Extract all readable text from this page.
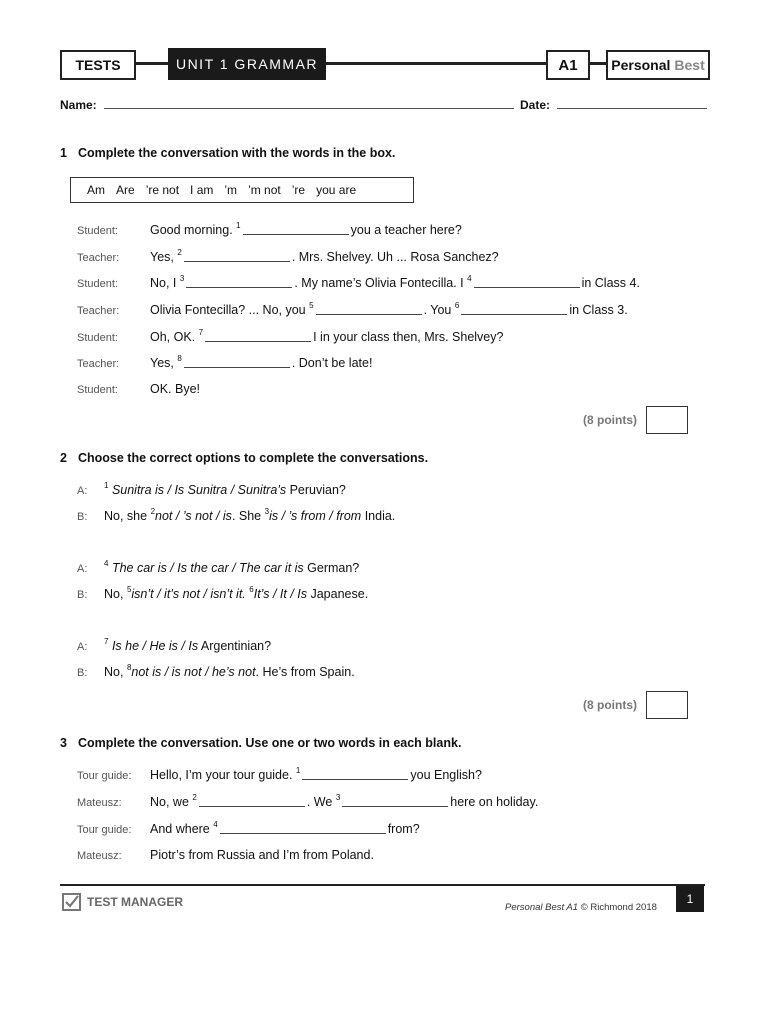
TESTS	UNIT 1 GRAMMAR	A1	Personal Best
Name:	Date:
1 Complete the conversation with the words in the box.
Am Are ’re not I am ’m ’m not ’re you are
Student:	Good morning. $^1$	you a teacher here?
Teacher: Yes, $^2$	. Mrs. Shelvey. Uh ... Rosa Sanchez?
Student:	No, I $^3$	. My name’s Olivia Fontecilla. I $^4$	in Class 4.
Teacher: Olivia Fontecilla? ... No, you $^5$	. You $^6$	in Class 3.
Student:	Oh, OK. $^7$	I in your class then, Mrs. Shelvey?
Teacher: Yes, $^8$	. Don’t be late!
Student:	OK. Bye!
(8 points)
2 Choose the correct options to complete the conversations.
A: $^1$ Sunitra is / Is Sunitra / Sunitra’s Peruvian?
B: No, she $^2$not / ’s not / is. She $^3$is / ’s from / from India.
A: $^4$ The car is / Is the car / The car it is German?
B: No, $^5$isn’t / it’s not / isn’t it. $^6$It’s / It / Is Japanese.
A: $^7$ Is he / He is / Is Argentinian?
B: No, $^8$not is / is not / he’s not. He’s from Spain.
(8 points)
3 Complete the conversation. Use one or two words in each blank.
Tour guide: Hello, I’m your tour guide. $^1$	you English?
Mateusz: No, we $^2$	. We $^3$	here on holiday.
Tour guide: And where $^4$	from?
Mateusz: Piotr’s from Russia and I’m from Poland.
1
TEST MANAGER	Personal Best A1 © Richmond 2018
